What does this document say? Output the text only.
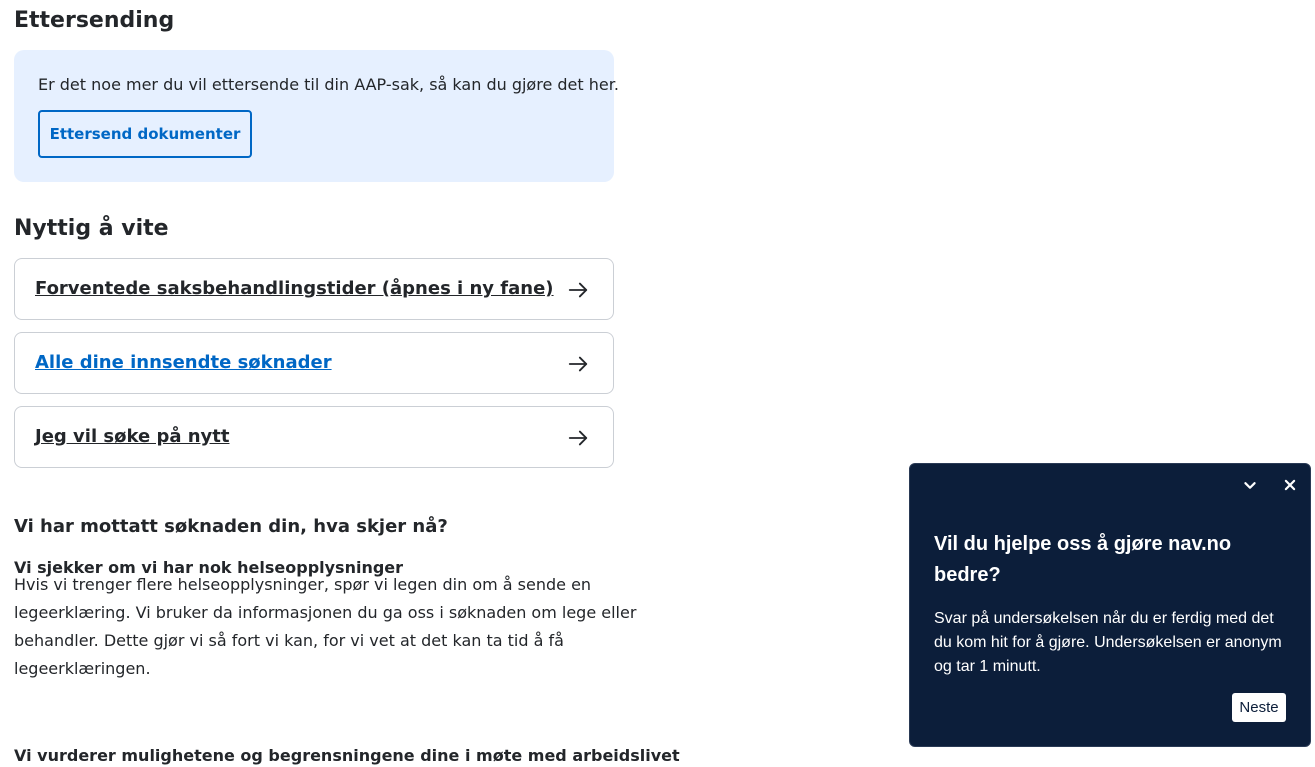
Ettersending
Er det noe mer du vil ettersende til din AAP-sak, så kan du gjøre det her.
Ettersend dokumenter
Nyttig å vite
Forventede saksbehandlingstider (åpnes i ny fane)
Alle dine innsendte søknader
Jeg vil søke på nytt
Vi har mottatt søknaden din, hva skjer nå?
Vi sjekker om vi har nok helseopplysninger
Hvis vi trenger flere helseopplysninger, spør vi legen din om å sende en
legeerklæring. Vi bruker da informasjonen du ga oss i søknaden om lege eller
behandler. Dette gjør vi så fort vi kan, for vi vet at det kan ta tid å få
legeerklæringen.
Vi vurderer mulighetene og begrensningene dine i møte med arbeidslivet
Vil du hjelpe oss å gjøre nav.no bedre?
Svar på undersøkelsen når du er ferdig med det du kom hit for å gjøre. Undersøkelsen er anonym og tar 1 minutt.
Neste
